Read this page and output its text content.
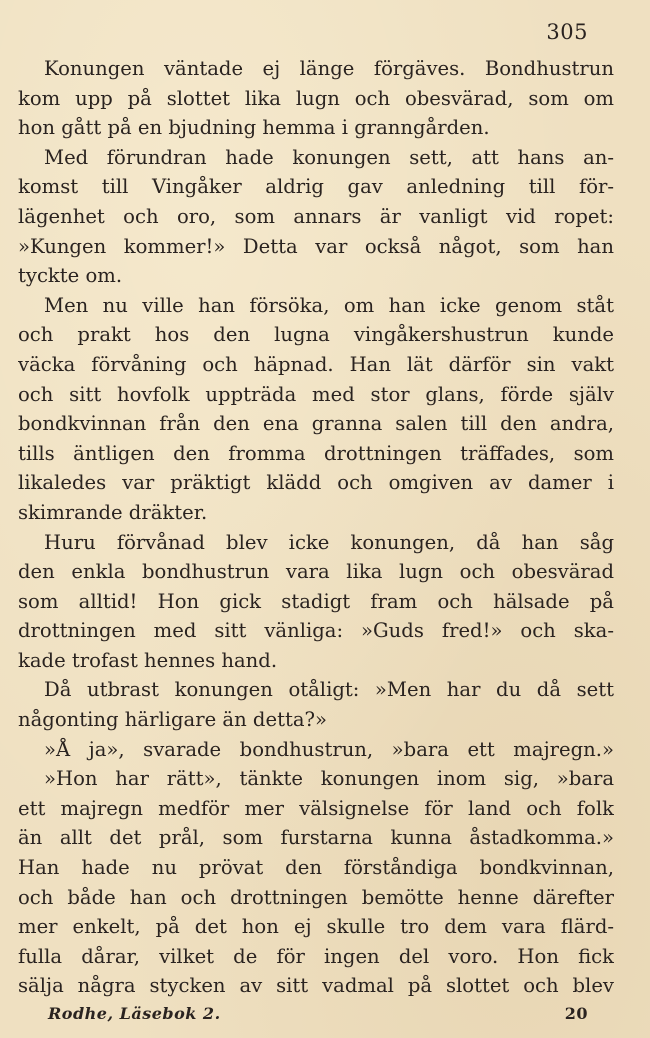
305
Konungen väntade ej länge förgäves. Bondhustrun
kom upp på slottet lika lugn och obesvärad, som om
hon gått på en bjudning hemma i granngården.
Med förundran hade konungen sett, att hans an-
komst till Vingåker aldrig gav anledning till för-
lägenhet och oro, som annars är vanligt vid ropet:
»Kungen kommer!» Detta var också något, som han
tyckte om.
Men nu ville han försöka, om han icke genom ståt
och prakt hos den lugna vingåkershustrun kunde
väcka förvåning och häpnad. Han lät därför sin vakt
och sitt hovfolk uppträda med stor glans, förde själv
bondkvinnan från den ena granna salen till den andra,
tills äntligen den fromma drottningen träffades, som
likaledes var präktigt klädd och omgiven av damer i
skimrande dräkter.
Huru förvånad blev icke konungen, då han såg
den enkla bondhustrun vara lika lugn och obesvärad
som alltid! Hon gick stadigt fram och hälsade på
drottningen med sitt vänliga: »Guds fred!» och ska-
kade trofast hennes hand.
Då utbrast konungen otåligt: »Men har du då sett
någonting härligare än detta?»
»Å ja», svarade bondhustrun, »bara ett majregn.»
»Hon har rätt», tänkte konungen inom sig, »bara
ett majregn medför mer välsignelse för land och folk
än allt det prål, som furstarna kunna åstadkomma.»
Han hade nu prövat den förståndiga bondkvinnan,
och både han och drottningen bemötte henne därefter
mer enkelt, på det hon ej skulle tro dem vara flärd-
fulla dårar, vilket de för ingen del voro. Hon fick
sälja några stycken av sitt vadmal på slottet och blev
Rodhe, Läsebok 2.	20
